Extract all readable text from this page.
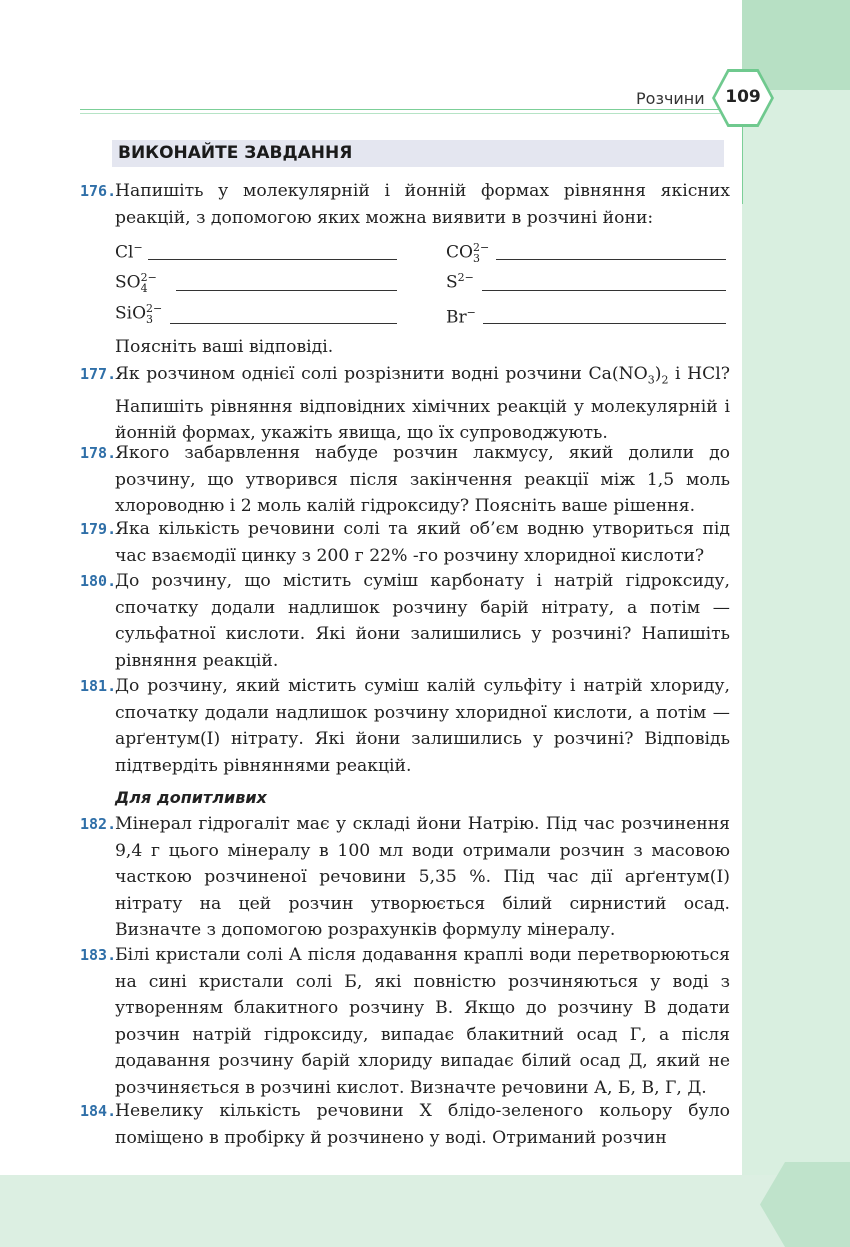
Розчини	109
ВИКОНАЙТЕ ЗАВДАННЯ
176.
Напишіть у молекулярній і йонній формах рівняння якісних реакцій, з допомогою яких можна виявити в розчині йони:
Cl−	$CO_3^{2-}$
$SO_4^{2-}$	$S^{2-}$
SiO$_3^{2-}$	Br−
Поясніть ваші відповіді.
177.
Як розчином однієї солі розрізнити водні розчини $Ca(NO_3)_2$ і HCl? Напишіть рівняння відповідних хімічних реакцій у молекулярній і йонній формах, укажіть явища, що їх супроводжують.
178.
Якого забарвлення набуде розчин лакмусу, який долили до розчину, що утворився після закінчення реакції між 1,5 моль хлороводню і 2 моль калій гідроксиду? Поясніть ваше рішення.
179.
Яка кількість речовини солі та який об’єм водню утвориться під час взаємодії цинку з 200 г 22% -го розчину хлоридної кислоти?
180.
До розчину, що містить суміш карбонату і натрій гідроксиду, спочатку додали надлишок розчину барій нітрату, а потім — сульфатної кислоти. Які йони залишились у розчині? Напишіть рівняння реакцій.
181.
До розчину, який містить суміш калій сульфіту і натрій хлориду, спочатку додали надлишок розчину хлоридної кислоти, а потім — арґентум(I) нітрату. Які йони залишились у розчині? Відповідь підтвердіть рівняннями реакцій.
Для допитливих
182.
Мінерал гідрогаліт має у складі йони Натрію. Під час розчинення 9,4 г цього мінералу в 100 мл води отримали розчин з масовою часткою розчиненої речовини 5,35 %. Під час дії арґентум(I) нітрату на цей розчин утворюється білий сирнистий осад. Визначте з допомогою розрахунків формулу мінералу.
183.
Білі кристали солі А після додавання краплі води перетворюються на сині кристали солі Б, які повністю розчиняються у воді з утворенням блакитного розчину В. Якщо до розчину В додати розчин натрій гідроксиду, випадає блакитний осад Г, а після додавання розчину барій хлориду випадає білий осад Д, який не розчиняється в розчині кислот. Визначте речовини А, Б, В, Г, Д.
184.
Невелику кількість речовини X блідо-зеленого кольору було поміщено в пробірку й розчинено у воді. Отриманий розчин
